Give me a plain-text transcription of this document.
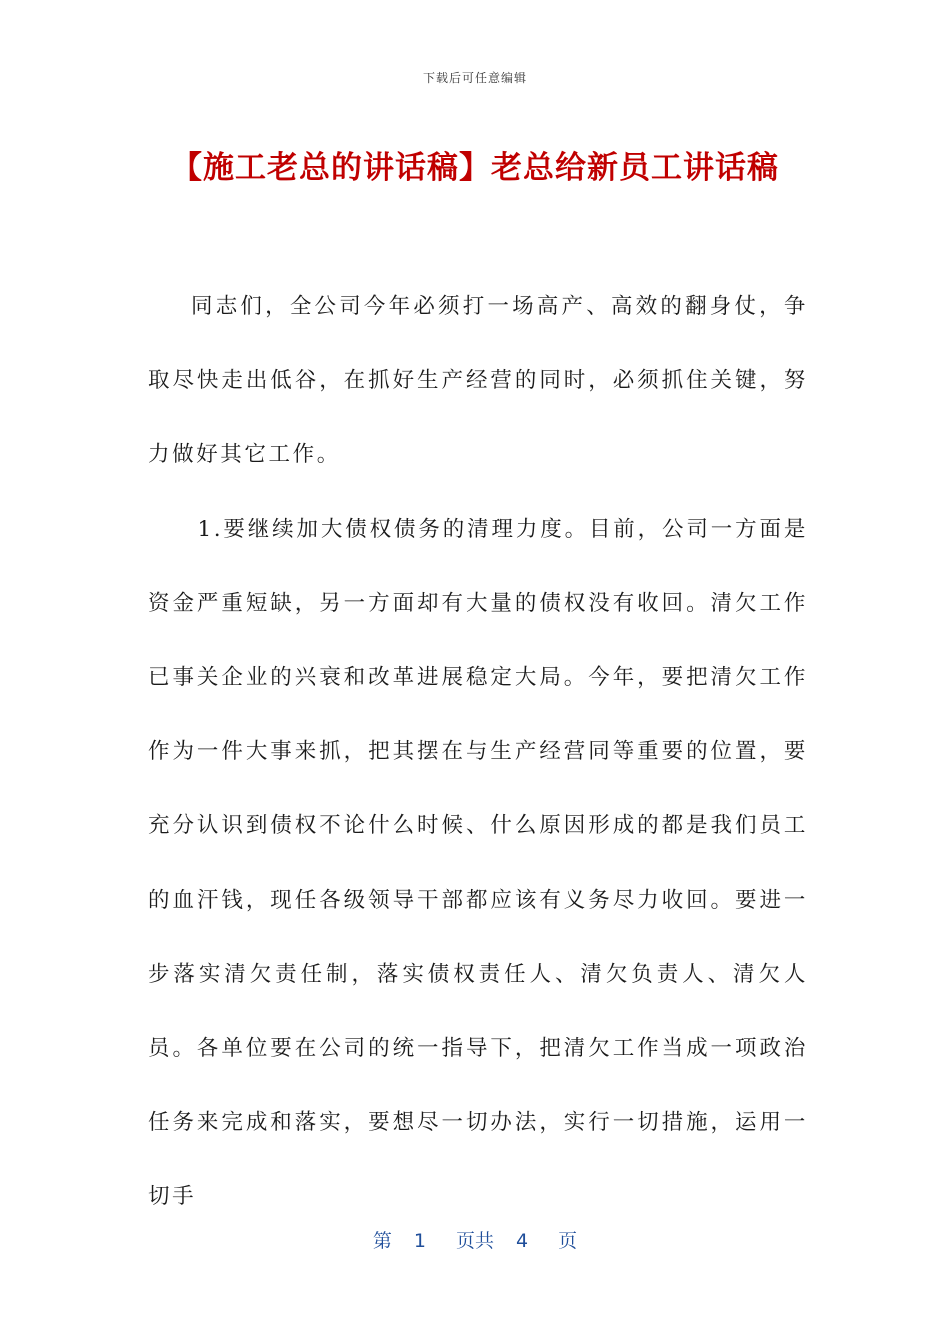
下载后可任意编辑
【施工老总的讲话稿】老总给新员工讲话稿

同志们，全公司今年必须打一场高产、高效的翻身仗，争取尽快走出低谷，在抓好生产经营的同时，必须抓住关键，努力做好其它工作。

1.要继续加大债权债务的清理力度。目前，公司一方面是资金严重短缺，另一方面却有大量的债权没有收回。清欠工作已事关企业的兴衰和改革进展稳定大局。今年，要把清欠工作作为一件大事来抓，把其摆在与生产经营同等重要的位置，要充分认识到债权不论什么时候、什么原因形成的都是我们员工的血汗钱，现任各级领导干部都应该有义务尽力收回。要进一步落实清欠责任制，落实债权责任人、清欠负责人、清欠人员。各单位要在公司的统一指导下，把清欠工作当成一项政治任务来完成和落实，要想尽一切办法，实行一切措施，运用一切手

第 1 页共 4 页
